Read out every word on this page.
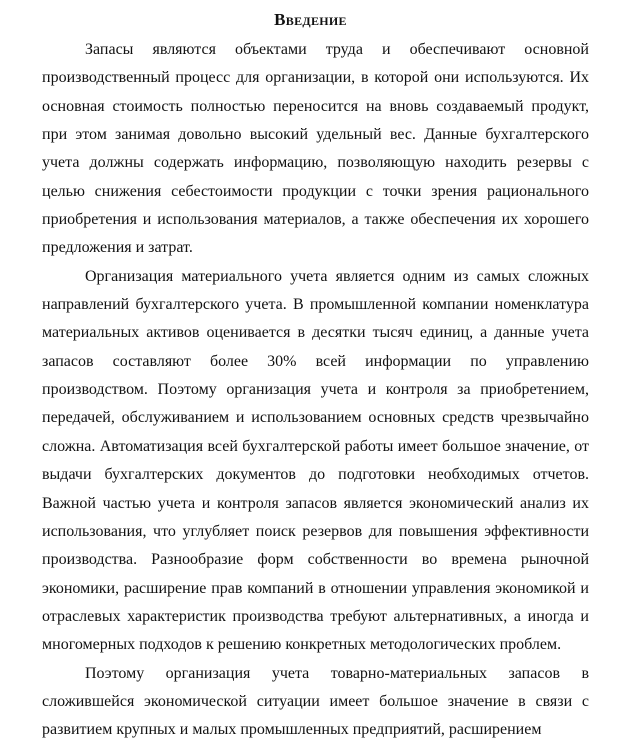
Введение

Запасы являются объектами труда и обеспечивают основной производственный процесс для организации, в которой они используются. Их основная стоимость полностью переносится на вновь создаваемый продукт, при этом занимая довольно высокий удельный вес. Данные бухгалтерского учета должны содержать информацию, позволяющую находить резервы с целью снижения себестоимости продукции с точки зрения рационального приобретения и использования материалов, а также обеспечения их хорошего предложения и затрат.

Организация материального учета является одним из самых сложных направлений бухгалтерского учета. В промышленной компании номенклатура материальных активов оценивается в десятки тысяч единиц, а данные учета запасов составляют более 30% всей информации по управлению производством. Поэтому организация учета и контроля за приобретением, передачей, обслуживанием и использованием основных средств чрезвычайно сложна. Автоматизация всей бухгалтерской работы имеет большое значение, от выдачи бухгалтерских документов до подготовки необходимых отчетов. Важной частью учета и контроля запасов является экономический анализ их использования, что углубляет поиск резервов для повышения эффективности производства. Разнообразие форм собственности во времена рыночной экономики, расширение прав компаний в отношении управления экономикой и отраслевых характеристик производства требуют альтернативных, а иногда и многомерных подходов к решению конкретных методологических проблем.

Поэтому организация учета товарно-материальных запасов в сложившейся экономической ситуации имеет большое значение в связи с развитием крупных и малых промышленных предприятий, расширением
